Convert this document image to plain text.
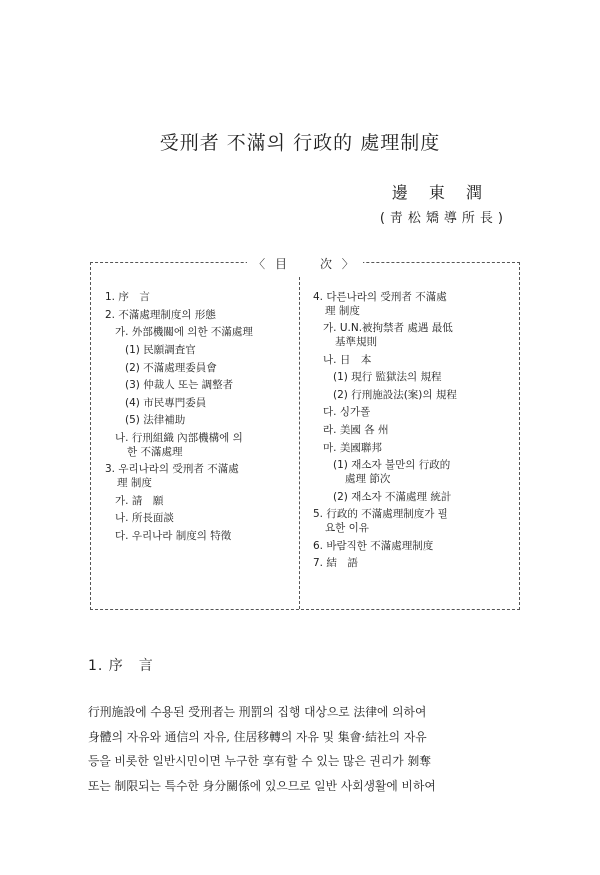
受刑者 不滿의 行政的 處理制度
邊 東 潤
(靑松矯導所長)
〈 目　　次 〉
1. 序　言
2. 不滿處理制度의 形態
가. 外部機關에 의한 不滿處理
(1) 民願調査官
(2) 不滿處理委員會
(3) 仲裁人 또는 調整者
(4) 市民專門委員
(5) 法律補助
나. 行刑組織 內部機構에 의
한 不滿處理
3. 우리나라의 受刑者 不滿處
理 制度
가. 請　願
나. 所長面談
다. 우리나라 制度의 特徵
4. 다른나라의 受刑者 不滿處
理 制度
가. U.N.被拘禁者 處遇 最低
基準規則
나. 日　本
(1) 現行 監獄法의 規程
(2) 行刑施設法(案)의 規程
다. 싱가폴
라. 美國 各 州
마. 美國聯邦
(1) 재소자 불만의 行政的
處理 節次
(2) 재소자 不滿處理 統計
5. 行政的 不滿處理制度가 필
요한 이유
6. 바람직한 不滿處理制度
7. 結　語
1. 序　言
行刑施設에 수용된 受刑者는 刑罰의 집행 대상으로 法律에 의하여
身體의 자유와 通信의 자유, 住居移轉의 자유 및 集會·結社의 자유
등을 비롯한 일반시민이면 누구한 享有할 수 있는 많은 권리가 剝奪
또는 制限되는 특수한 身分關係에 있으므로 일반 사회생활에 비하여
